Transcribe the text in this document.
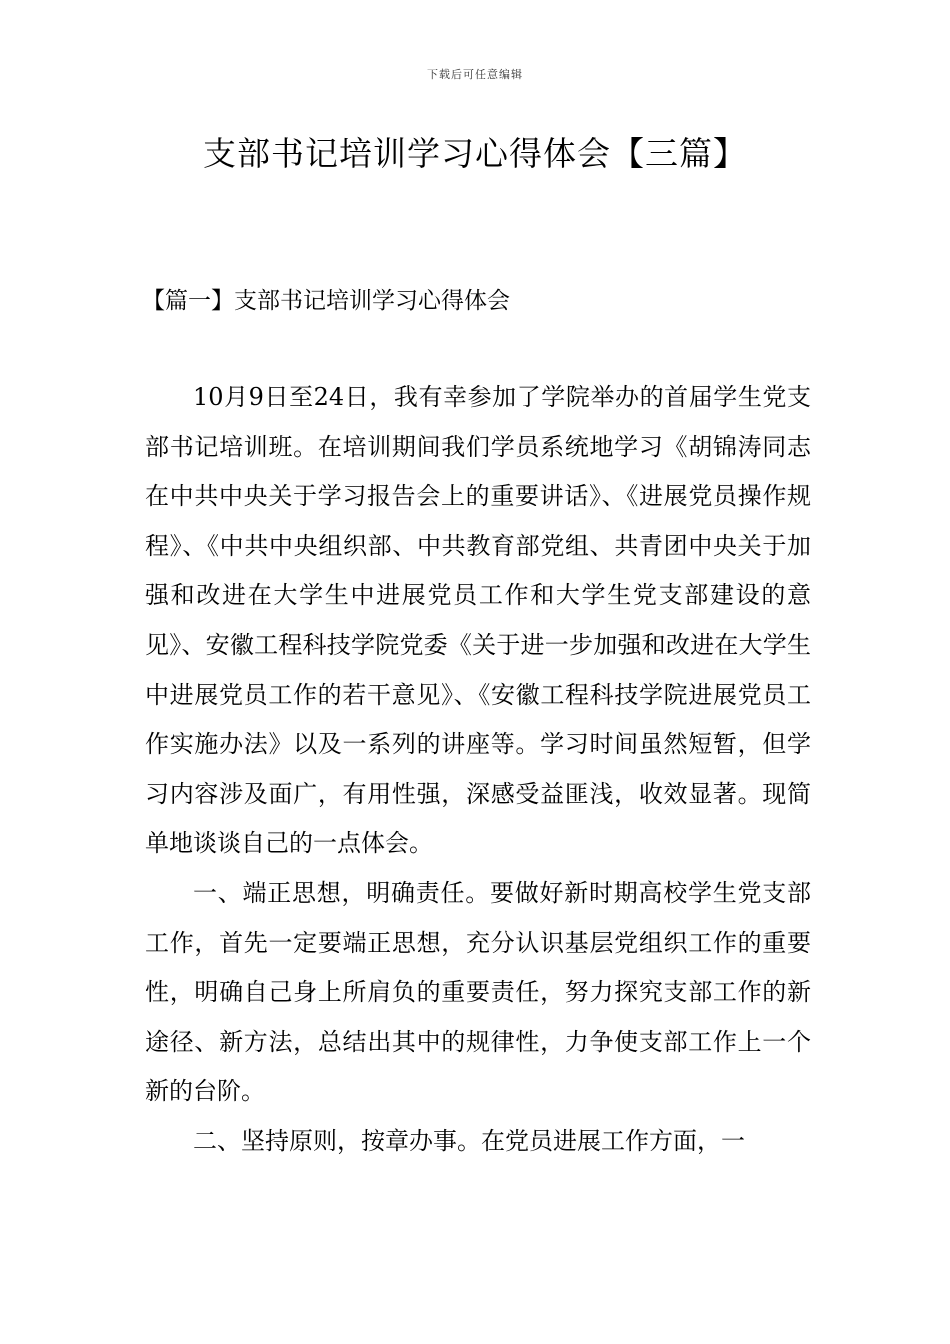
下载后可任意编辑
支部书记培训学习心得体会【三篇】
【篇一】支部书记培训学习心得体会

10月9日至24日，我有幸参加了学院举办的首届学生党支部书记培训班。在培训期间我们学员系统地学习《胡锦涛同志在中共中央关于学习报告会上的重要讲话》、《进展党员操作规程》、《中共中央组织部、中共教育部党组、共青团中央关于加强和改进在大学生中进展党员工作和大学生党支部建设的意见》、安徽工程科技学院党委《关于进一步加强和改进在大学生中进展党员工作的若干意见》、《安徽工程科技学院进展党员工作实施办法》以及一系列的讲座等。学习时间虽然短暂，但学习内容涉及面广，有用性强，深感受益匪浅，收效显著。现简单地谈谈自己的一点体会。

一、端正思想，明确责任。要做好新时期高校学生党支部工作，首先一定要端正思想，充分认识基层党组织工作的重要性，明确自己身上所肩负的重要责任，努力探究支部工作的新途径、新方法，总结出其中的规律性，力争使支部工作上一个新的台阶。

二、坚持原则，按章办事。在党员进展工作方面，一
